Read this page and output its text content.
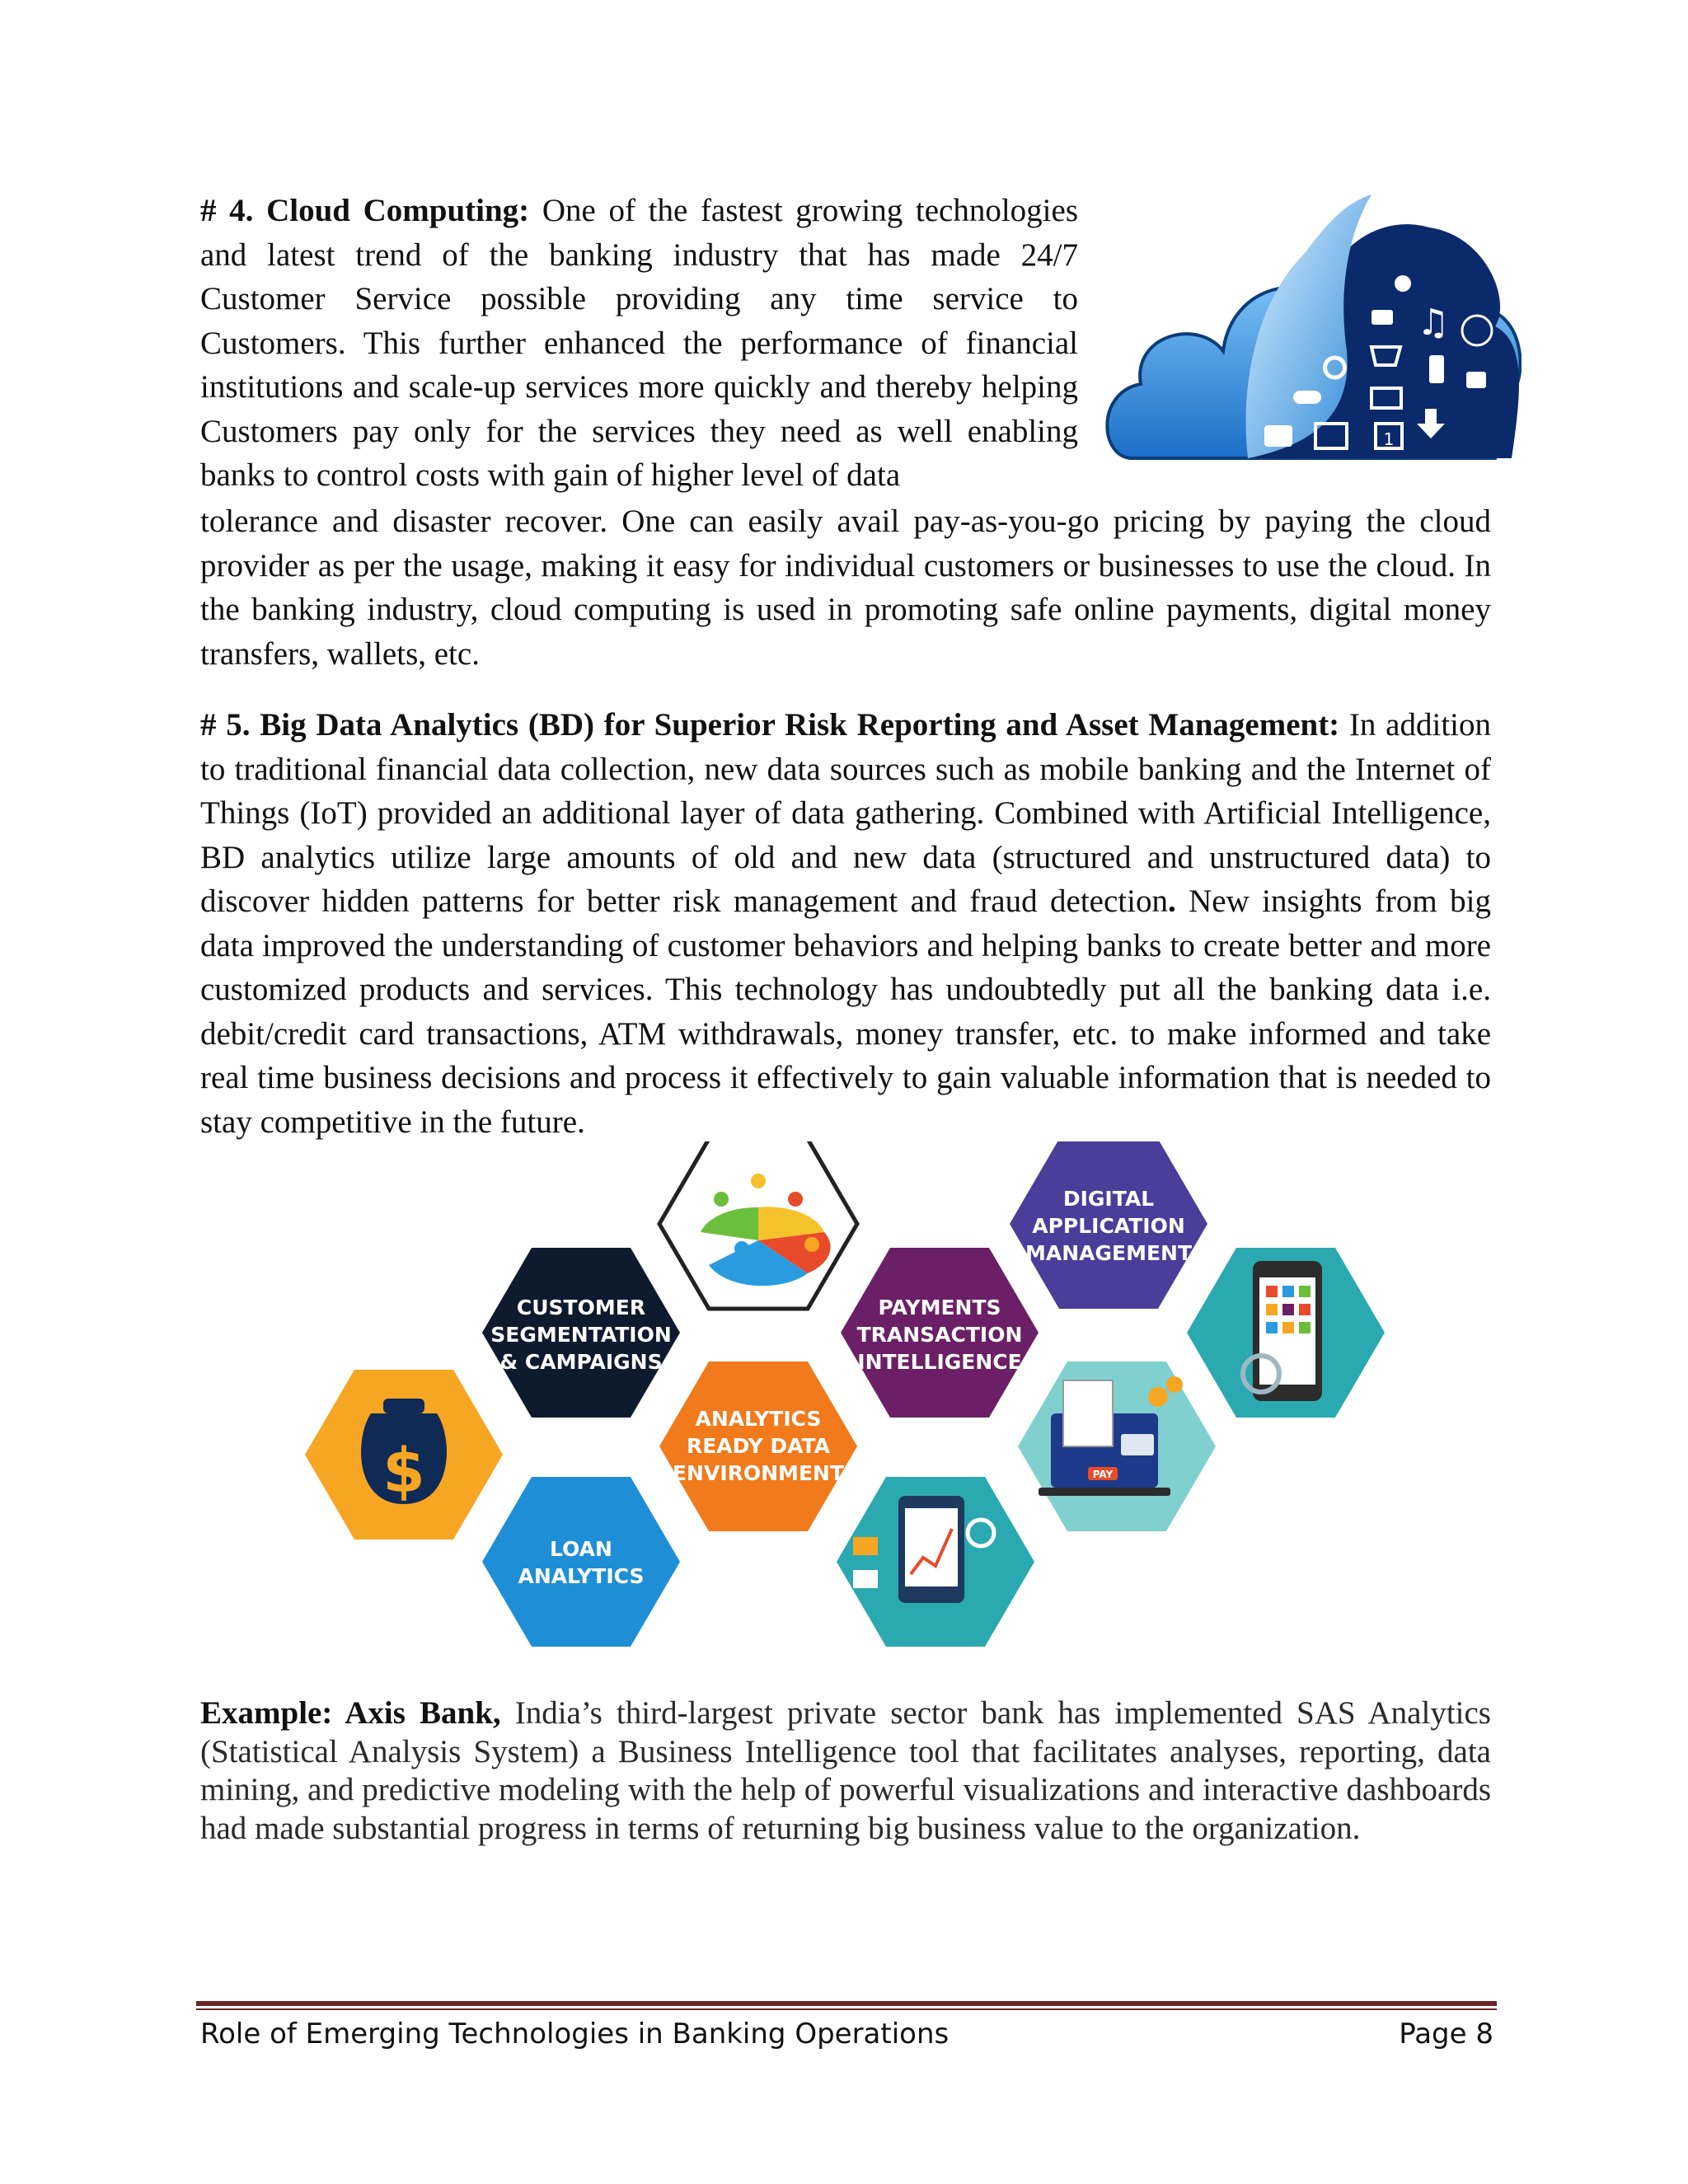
# 4. Cloud Computing: One of the fastest growing technologies and latest trend of the banking industry that has made 24/7 Customer Service possible providing any time service to Customers. This further enhanced the performance of financial institutions and scale-up services more quickly and thereby helping Customers pay only for the services they need as well enabling banks to control costs with gain of higher level of data

♫
1

tolerance and disaster recover. One can easily avail pay-as-you-go pricing by paying the cloud provider as per the usage, making it easy for individual customers or businesses to use the cloud. In the banking industry, cloud computing is used in promoting safe online payments, digital money transfers, wallets, etc.

# 5. Big Data Analytics (BD) for Superior Risk Reporting and Asset Management: In addition to traditional financial data collection, new data sources such as mobile banking and the Internet of Things (IoT) provided an additional layer of data gathering. Combined with Artificial Intelligence, BD analytics utilize large amounts of old and new data (structured and unstructured data) to discover hidden patterns for better risk management and fraud detection. New insights from big data improved the understanding of customer behaviors and helping banks to create better and more customized products and services. This technology has undoubtedly put all the banking data i.e. debit/credit card transactions, ATM withdrawals, money transfer, etc. to make informed and take real time business decisions and process it effectively to gain valuable information that is needed to stay competitive in the future.

$
CUSTOMER
SEGMENTATION
& CAMPAIGNS
LOAN
ANALYTICS
ANALYTICS
READY DATA
ENVIRONMENT
PAYMENTS
TRANSACTION
INTELLIGENCE
DIGITAL
APPLICATION
MANAGEMENT
PAY

Example: Axis Bank, India’s third-largest private sector bank has implemented SAS Analytics (Statistical Analysis System) a Business Intelligence tool that facilitates analyses, reporting, data mining, and predictive modeling with the help of powerful visualizations and interactive dashboards had made substantial progress in terms of returning big business value to the organization.

Role of Emerging Technologies in Banking Operations	Page 8
